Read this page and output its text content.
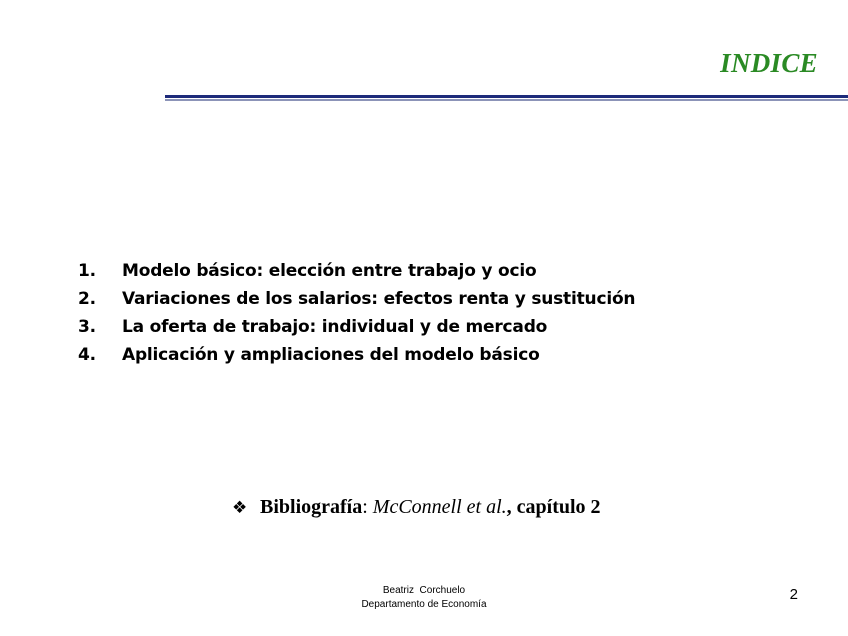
INDICE
1.	Modelo básico: elección entre trabajo y ocio
2.	Variaciones de los salarios: efectos renta y sustitución
3.	La oferta de trabajo: individual y de mercado
4.	Aplicación y ampliaciones del modelo básico
❖ Bibliografía: McConnell et al., capítulo 2
Beatriz  Corchuelo
Departamento de Economía
2
